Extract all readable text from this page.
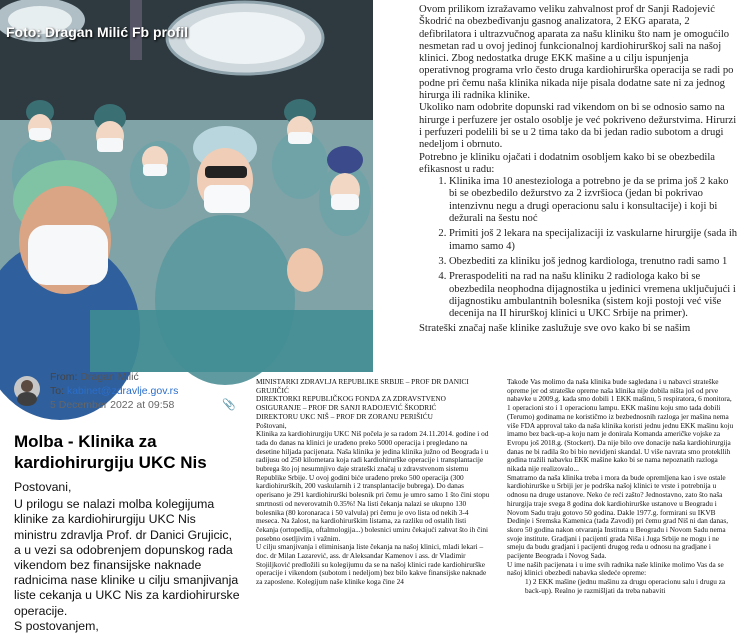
Foto: Dragan Milić Fb profil

Ovom prilikom izražavamo veliku zahvalnost prof dr Sanji Radojević Škodrić na obezbeđivanju gasnog analizatora, 2 EKG aparata, 2 defibrilatora i ultrazvučnog aparata za našu kliniku što nam je omogućilo nesmetan rad u ovoj jedinoj funkcionalnoj kardiohirurškoj sali na našoj klinici. Zbog nedostatka druge EKK mašine a u cilju ispunjenja operativnog programa vrlo često druga kardiohirurška operacija se radi po podne pri čemu naša klinika nikada nije pisala dodatne sate ni za jednog hirurga ili radnika klinike.

Ukoliko nam odobrite dopunski rad vikendom on bi se odnosio samo na hirurge i perfuzere jer ostalo osoblje je već pokriveno dežurstvima. Hirurzi i perfuzeri podelili bi se u 2 tima tako da bi jedan radio subotom a drugi nedeljom i obrnuto.

Potrebno je kliniku ojačati i dodatnim osobljem kako bi se obezbedila efikasnost u radu:

1. Klinika ima 10 anesteziologa a potrebno je da se prima još 2 kako bi se obezbedilo dežurstvo za 2 izvršioca (jedan bi pokrivao intenzivnu negu a drugi operacionu salu i konsultacije) i koji bi dežurali na šestu noć
2. Primiti još 2 lekara na specijalizaciji iz vaskularne hirurgije (sada ih imamo samo 4)
3. Obezbediti za kliniku još jednog kardiologa, trenutno radi samo 1
4. Preraspodeliti na rad na našu kliniku 2 radiologa kako bi se obezbedila neophodna dijagnostika u jedinici vremena uključujući i dijagnostiku ambulantnih bolesnika (sistem koji postoji već više decenija na II hirurškoj klinici u UKC Srbije na primer).

Strateški značaj naše klinike zaslužuje sve ovo kako bi se našim

From: Dragan Milić
To: kabinet@zdravlje.gov.rs
5 December 2022 at 09:58	📎
Molba - Klinika za kardiohirurgiju UKC Nis
Postovani,
U prilogu se nalazi molba kolegijuma klinike za kardiohirurgiju UKC Nis ministru zdravlja Prof. dr Danici Grujicic, a u vezi sa odobrenjem dopunskog rada vikendom bez finansijske naknade radnicima nase klinike u cilju smanjivanja liste cekanja u UKC Nis za kardiohirurske operacije.
S postovanjem,
MINISTARKI ZDRAVLJA REPUBLIKE SRBIJE – PROF DR DANICI GRUJIČIĆ
DIREKTORKI REPUBLIČKOG FONDA ZA ZDRAVSTVENO OSIGURANJE – PROF DR SANJI RADOJEVIĆ ŠKODRIĆ
DIREKTORU UKC NIŠ – PROF DR ZORANU PERIŠIĆU
Poštovani,

Klinika za kardiohirurgiju UKC Niš počela je sa radom 24.11.2014. godine i od tada do danas na klinici je urađeno preko 5000 operacija i pregledano na desetine hiljada pacijenata. Naša klinika je jedina klinika južno od Beograda i u radijusu od 250 kilometara koja radi kardiohirurške operacije i transplantacije bubrega što joj nesumnjivo daje strateški značaj u zdravstvenom sistemu Republike Srbije. U ovoj godini biće urađeno preko 500 operacija (300 kardiohirurških, 200 vaskularnih i 2 transplantacije bubrega). Do danas operisano je 291 kardiohirurški bolesnik pri čemu je umro samo 1 što čini stopu smrtnosti od neverovatnih 0.35%! Na listi čekanja nalazi se ukupno 130 bolesnika (80 koronaraca i 50 valvula) pri čemu je ovo lista od nekih 3-4 meseca. Na žalost, na kardiohirurškim listama, za razliku od ostalih listi čekanja (ortopedija, oftalmologija...) bolesnici umiru čekajući zahvat što ih čini posebno osetljivim i važnim.

U cilju smanjivanja i eliminisanja liste čekanja na našoj klinici, mladi lekari – doc. dr Milan Lazarević, ass. dr Aleksandar Kamenov i ass. dr Vladimir Stojiljković predložili su kolegijumu da se na našoj klinici rade kardiohirurške operacije i vikendom (subotom i nedeljom) bez bilo kakve finansijske naknade za zaposlene. Kolegijum naše klinike koga čine 24

Takođe Vas molimo da naša klinika bude sagledana i u nabavci strateške opreme jer od strateške opreme naša klinika nije dobila ništa još od prve nabavke u 2009.g. kada smo dobili 1 EKK mašinu, 5 respiratora, 6 monitora, 1 operacioni sto i 1 operacionu lampu. EKK mašinu koju smo tada dobili (Terumo) godinama ne korističmo iz bezbednosnih razloga jer mašina nema više FDA approval tako da naša klinika koristi jednu jednu EKK mašinu koju imamo bez back-up-a koju nam je donirala Komanda američke vojske za Evropu još 2018.g. (Stockert). Da nije bilo ove donacije naša kardiohirurgija danas ne bi radila što bi bio nevidjeni skandal. U više navrata smo protekllih godina tražili nabavku EKK mašine kako bi se nama nepoznatih razloga nikada nije realizovalo...

Smatramo da naša klinika treba i mora da bude opremljena kao i sve ostale kardiohirurške u Srbiji jer je podrška našoj klinici te vrste i potrebnija u odnosu na druge ustanove. Neko će reći zašto? Jednostavno, zato što naša hirurgija traje svega 8 godina dok kardiohirurške ustanove u Beogradu i Novom Sadu traju gotovo 50 godina. Dakle 1977.g. formirani su IKVB Dedinje i Sremska Kamenica (tada Zavodi) pri čemu grad Niš ni dan danas, skoro 50 godina nakon otvaranja Instituta u Beogradu i Novom Sadu nema svoje institute. Gradjani i pacijenti grada Niša i Juga Srbije ne mogu i ne smeju da budu gradjani i pacijenti drugog reda u odnosu na gradjane i pacijente Beograda i Novog Sada.

U ime naših pacijenata i u ime svih radnika naše klinike molimo Vas da se našoj klinici obezbedi nabavka sledeće opreme:

1) 2 EKK mašine (jednu mašinu za drugu operacionu salu i drugu za back-up). Realno je razmišljati da treba nabaviti
